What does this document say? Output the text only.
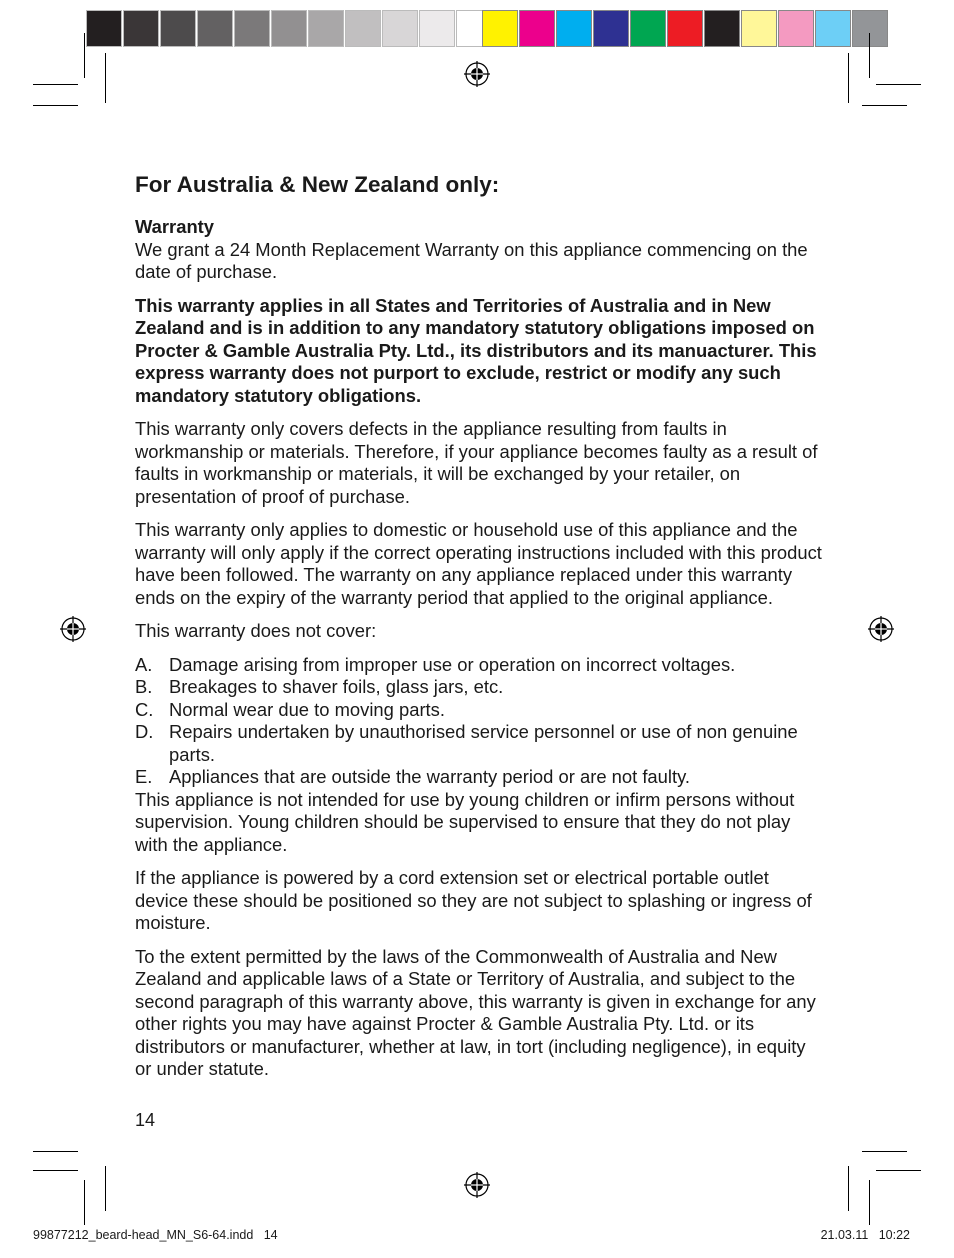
For Australia & New Zealand only:
Warranty

We grant a 24 Month Replacement Warranty on this appliance commencing on the date of purchase.

This warranty applies in all States and Territories of Australia and in New Zealand and is in addition to any mandatory statutory obligations imposed on Procter & Gamble Australia Pty. Ltd., its distributors and its manuacturer. This express warranty does not purport to exclude, restrict or modify any such mandatory statutory obligations.

This warranty only covers defects in the appliance resulting from faults in workmanship or materials. Therefore, if your appliance becomes faulty as a result of faults in workmanship or materials, it will be exchanged by your retailer, on presentation of proof of purchase.

This warranty only applies to domestic or household use of this appliance and the warranty will only apply if the correct operating instructions included with this product have been followed. The warranty on any appliance replaced under this warranty ends on the expiry of the warranty period that applied to the original appliance.

This warranty does not cover:

A. Damage arising from improper use or operation on incorrect voltages.
B. Breakages to shaver foils, glass jars, etc.
C. Normal wear due to moving parts.
D. Repairs undertaken by unauthorised service personnel or use of non genuine parts.
E. Appliances that are outside the warranty period or are not faulty.

This appliance is not intended for use by young children or infirm persons without supervision. Young children should be supervised to ensure that they do not play with the appliance.

If the appliance is powered by a cord extension set or electrical portable outlet device these should be positioned so they are not subject to splashing or ingress of moisture.

To the extent permitted by the laws of the Commonwealth of Australia and New Zealand and applicable laws of a State or Territory of Australia, and subject to the second paragraph of this warranty above, this warranty is given in exchange for any other rights you may have against Procter & Gamble Australia Pty. Ltd. or its distributors or manufacturer, whether at law, in tort (including negligence), in equity or under statute.

14
99877212_beard-head_MN_S6-64.indd   14	21.03.11   10:22
